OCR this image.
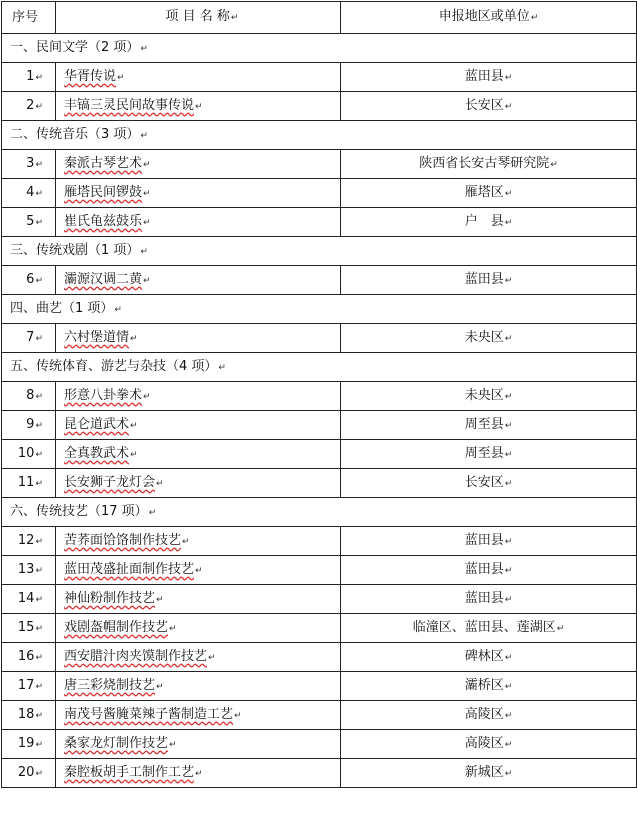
序号	项 目 名 称↵	申报地区或单位↵
一、民间文学（2 项）↵		
1↵	华胥传说↵	蓝田县↵
2↵	丰镐三灵民间故事传说↵	长安区↵
二、传统音乐（3 项）↵		
3↵	秦派古琴艺术↵	陕西省长安古琴研究院↵
4↵	雁塔民间锣鼓↵	雁塔区↵
5↵	崔氏龟兹鼓乐↵	户　县↵
三、传统戏剧（1 项）↵		
6↵	灞源汉调二黄↵	蓝田县↵
四、曲艺（1 项）↵		
7↵	六村堡道情↵	未央区↵
五、传统体育、游艺与杂技（4 项）↵		
8↵	形意八卦拳术↵	未央区↵
9↵	昆仑道武术↵	周至县↵
10↵	全真教武术↵	周至县↵
11↵	长安狮子龙灯会↵	长安区↵
六、传统技艺（17 项）↵		
12↵	苦荞面饸饹制作技艺↵	蓝田县↵
13↵	蓝田茂盛扯面制作技艺↵	蓝田县↵
14↵	神仙粉制作技艺↵	蓝田县↵
15↵	戏剧盔帽制作技艺↵	临潼区、蓝田县、莲湖区↵
16↵	西安腊汁肉夹馍制作技艺↵	碑林区↵
17↵	唐三彩烧制技艺↵	灞桥区↵
18↵	南茂号酱腌菜辣子酱制造工艺↵	高陵区↵
19↵	桑家龙灯制作技艺↵	高陵区↵
20↵	秦腔板胡手工制作工艺↵	新城区↵
